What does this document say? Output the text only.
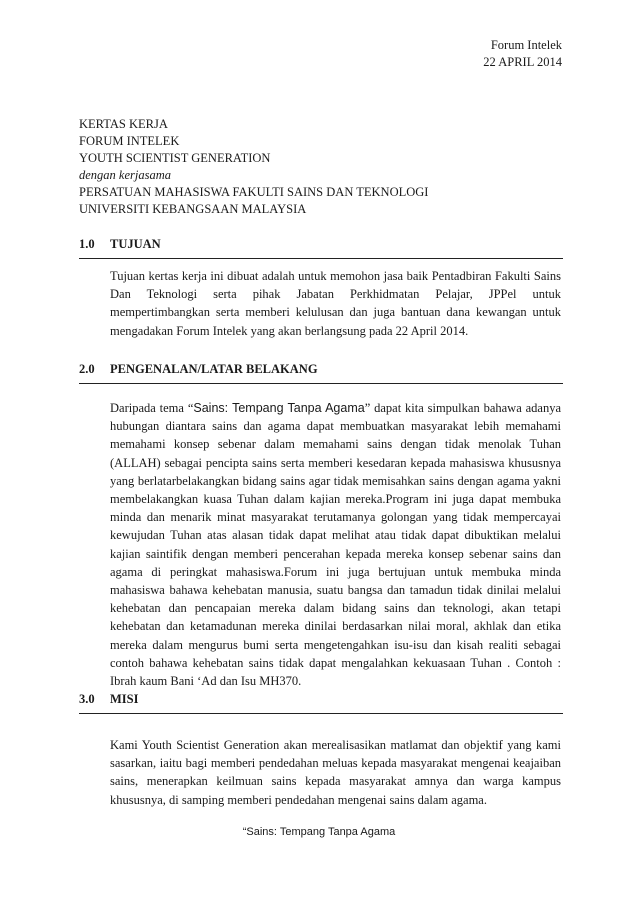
Forum Intelek
22 APRIL 2014
KERTAS KERJA
FORUM INTELEK
YOUTH SCIENTIST GENERATION
dengan kerjasama
PERSATUAN MAHASISWA FAKULTI SAINS DAN TEKNOLOGI
UNIVERSITI KEBANGSAAN MALAYSIA
1.0 TUJUAN
Tujuan kertas kerja ini dibuat adalah untuk memohon jasa baik Pentadbiran Fakulti Sains Dan Teknologi serta pihak Jabatan Perkhidmatan Pelajar, JPPel untuk mempertimbangkan serta memberi kelulusan dan juga bantuan dana kewangan untuk mengadakan Forum Intelek yang akan berlangsung pada 22 April 2014.
2.0 PENGENALAN/LATAR BELAKANG
Daripada tema “Sains: Tempang Tanpa Agama” dapat kita simpulkan bahawa adanya hubungan diantara sains dan agama dapat membuatkan masyarakat lebih memahami memahami konsep sebenar dalam memahami sains dengan tidak menolak Tuhan (ALLAH) sebagai pencipta sains serta memberi kesedaran kepada mahasiswa khususnya yang berlatarbelakangkan bidang sains agar tidak memisahkan sains dengan agama yakni membelakangkan kuasa Tuhan dalam kajian mereka.Program ini juga dapat membuka minda dan menarik minat masyarakat terutamanya golongan yang tidak mempercayai kewujudan Tuhan atas alasan tidak dapat melihat atau tidak dapat dibuktikan melalui kajian saintifik dengan memberi pencerahan kepada mereka konsep sebenar sains dan agama di peringkat mahasiswa.Forum ini juga bertujuan untuk membuka minda mahasiswa bahawa kehebatan manusia, suatu bangsa dan tamadun tidak dinilai melalui kehebatan dan pencapaian mereka dalam bidang sains dan teknologi, akan tetapi kehebatan dan ketamadunan mereka dinilai berdasarkan nilai moral, akhlak dan etika mereka dalam mengurus bumi serta mengetengahkan isu-isu dan kisah realiti sebagai contoh bahawa kehebatan sains tidak dapat mengalahkan kekuasaan Tuhan . Contoh : Ibrah kaum Bani ‘Ad dan Isu MH370.
3.0 MISI
Kami Youth Scientist Generation akan merealisasikan matlamat dan objektif yang kami sasarkan, iaitu bagi memberi pendedahan meluas kepada masyarakat mengenai keajaiban sains, menerapkan keilmuan sains kepada masyarakat amnya dan warga kampus khususnya, di samping memberi pendedahan mengenai sains dalam agama.
“Sains: Tempang Tanpa Agama
